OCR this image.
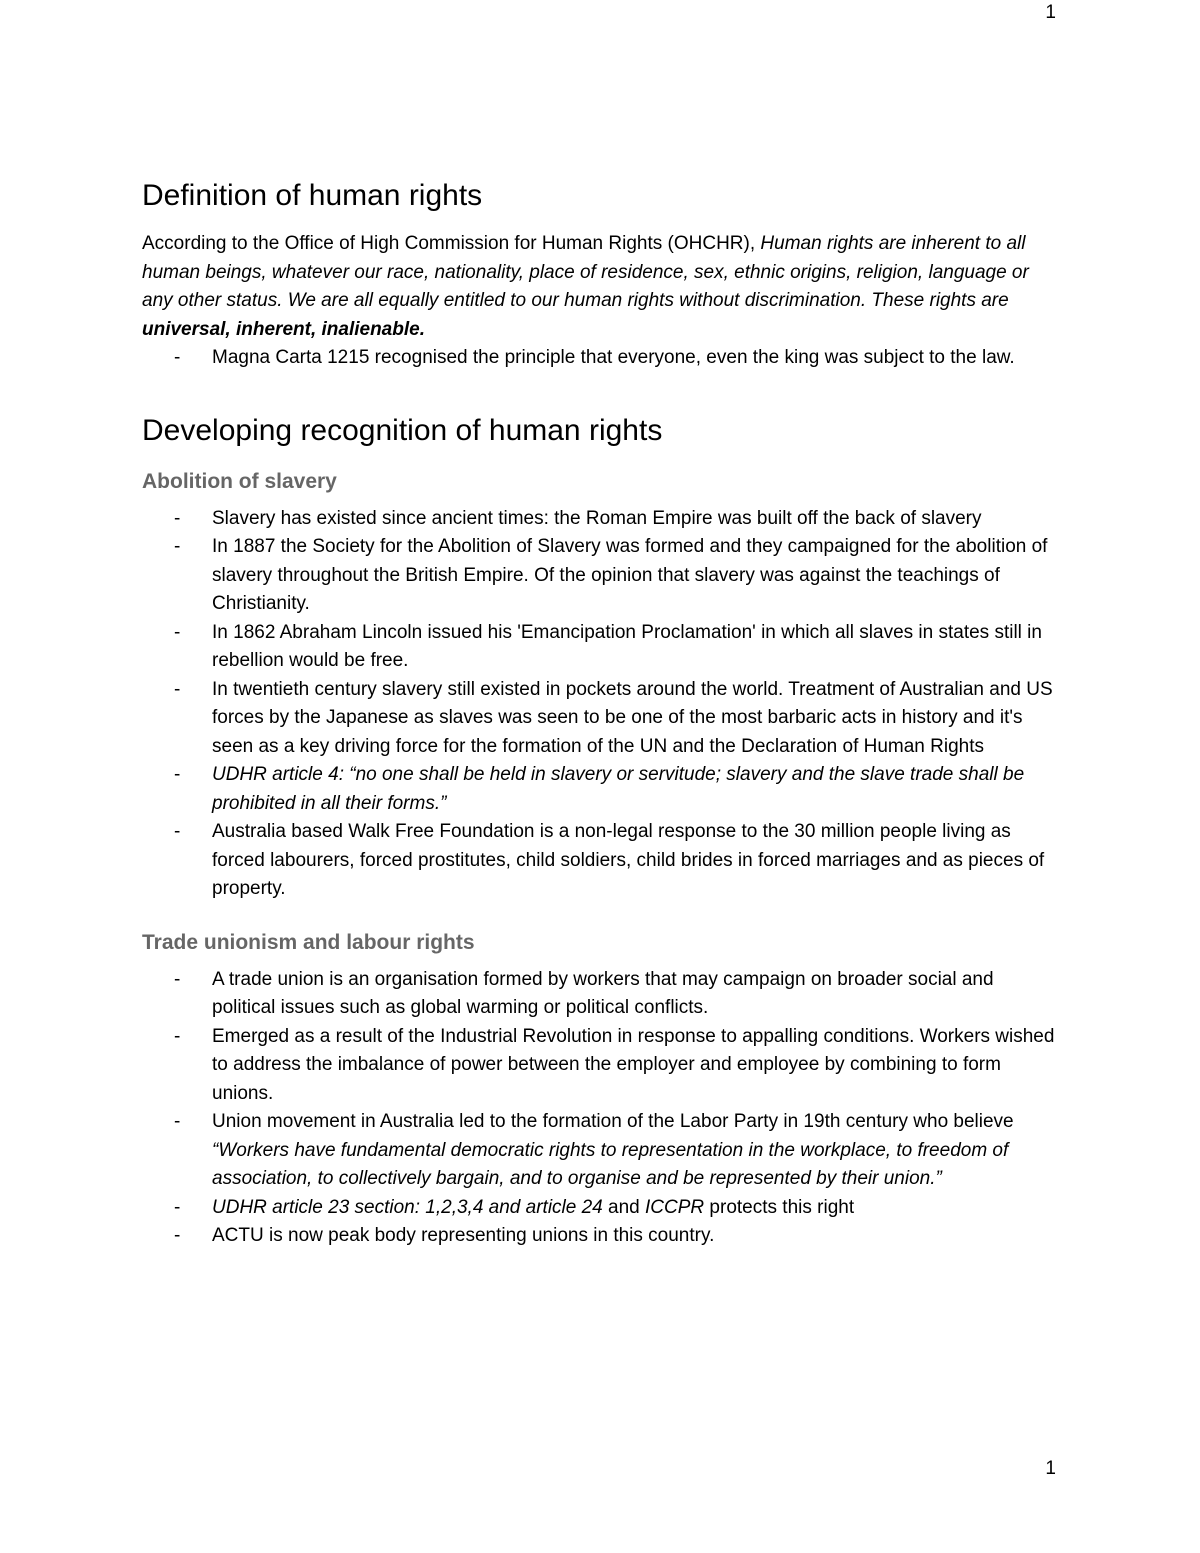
1
Definition of human rights

According to the Office of High Commission for Human Rights (OHCHR), Human rights are inherent to all human beings, whatever our race, nationality, place of residence, sex, ethnic origins, religion, language or any other status. We are all equally entitled to our human rights without discrimination. These rights are universal, inherent, inalienable.

- Magna Carta 1215 recognised the principle that everyone, even the king was subject to the law.
Developing recognition of human rights
Abolition of slavery
- Slavery has existed since ancient times: the Roman Empire was built off the back of slavery
- In 1887 the Society for the Abolition of Slavery was formed and they campaigned for the abolition of slavery throughout the British Empire. Of the opinion that slavery was against the teachings of Christianity.
- In 1862 Abraham Lincoln issued his 'Emancipation Proclamation' in which all slaves in states still in rebellion would be free.
- In twentieth century slavery still existed in pockets around the world. Treatment of Australian and US forces by the Japanese as slaves was seen to be one of the most barbaric acts in history and it's seen as a key driving force for the formation of the UN and the Declaration of Human Rights
- UDHR article 4: “no one shall be held in slavery or servitude; slavery and the slave trade shall be prohibited in all their forms.”
- Australia based Walk Free Foundation is a non-legal response to the 30 million people living as forced labourers, forced prostitutes, child soldiers, child brides in forced marriages and as pieces of property.
Trade unionism and labour rights
- A trade union is an organisation formed by workers that may campaign on broader social and political issues such as global warming or political conflicts.
- Emerged as a result of the Industrial Revolution in response to appalling conditions. Workers wished to address the imbalance of power between the employer and employee by combining to form unions.
- Union movement in Australia led to the formation of the Labor Party in 19th century who believe “Workers have fundamental democratic rights to representation in the workplace, to freedom of association, to collectively bargain, and to organise and be represented by their union.”
- UDHR article 23 section: 1,2,3,4 and article 24 and ICCPR protects this right
- ACTU is now peak body representing unions in this country.
1
